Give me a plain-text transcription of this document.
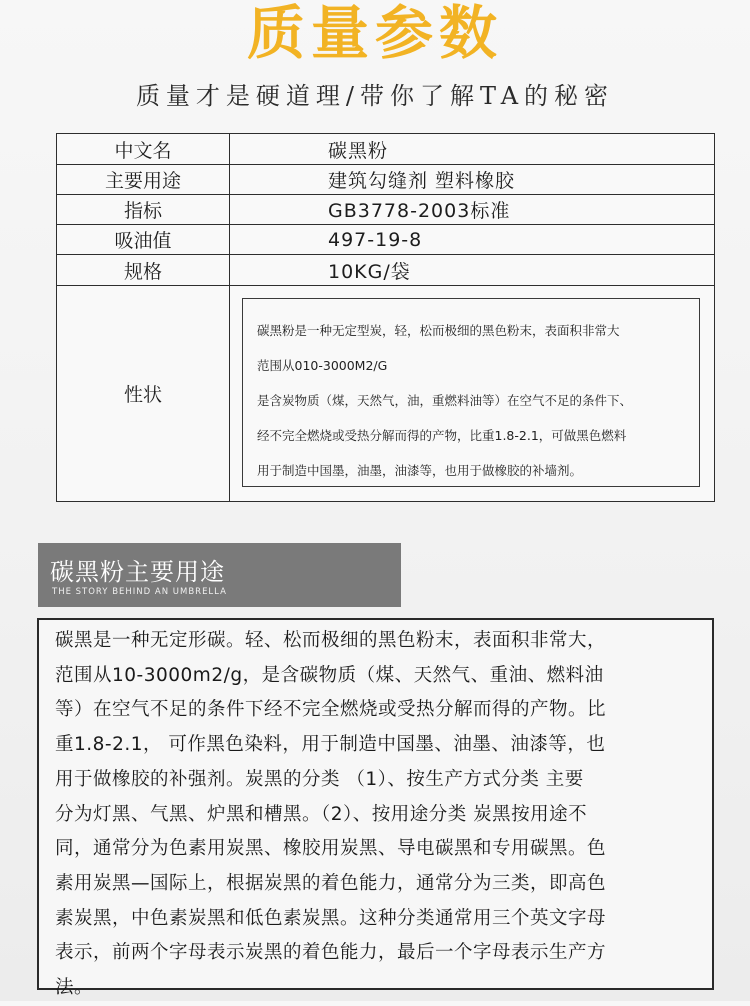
质量参数
质量才是硬道理/带你了解TA的秘密
中文名	碳黑粉
主要用途	建筑勾缝剂 塑料橡胶
指标	GB3778-2003标准
吸油值	497-19-8
规格	10KG/袋
性状	碳黑粉是一种无定型炭，轻，松而极细的黑色粉末，表面积非常大
范围从010-3000M2/G
是含炭物质（煤，天然气，油，重燃料油等）在空气不足的条件下、
经不完全燃烧或受热分解而得的产物，比重1.8-2.1，可做黑色燃料
用于制造中国墨，油墨，油漆等，也用于做橡胶的补墙剂。
碳黑粉主要用途
THE STORY BEHIND AN UMBRELLA
碳黑是一种无定形碳。轻、松而极细的黑色粉末，表面积非常大，
范围从10-3000m2/g，是含碳物质（煤、天然气、重油、燃料油
等）在空气不足的条件下经不完全燃烧或受热分解而得的产物。比
重1.8-2.1， 可作黑色染料，用于制造中国墨、油墨、油漆等，也
用于做橡胶的补强剂。炭黑的分类 （1）、按生产方式分类 主要
分为灯黑、气黑、炉黑和槽黑。（2）、按用途分类 炭黑按用途不
同，通常分为色素用炭黑、橡胶用炭黑、导电碳黑和专用碳黑。色
素用炭黑—国际上，根据炭黑的着色能力，通常分为三类，即高色
素炭黑，中色素炭黑和低色素炭黑。这种分类通常用三个英文字母
表示，前两个字母表示炭黑的着色能力，最后一个字母表示生产方
法。
